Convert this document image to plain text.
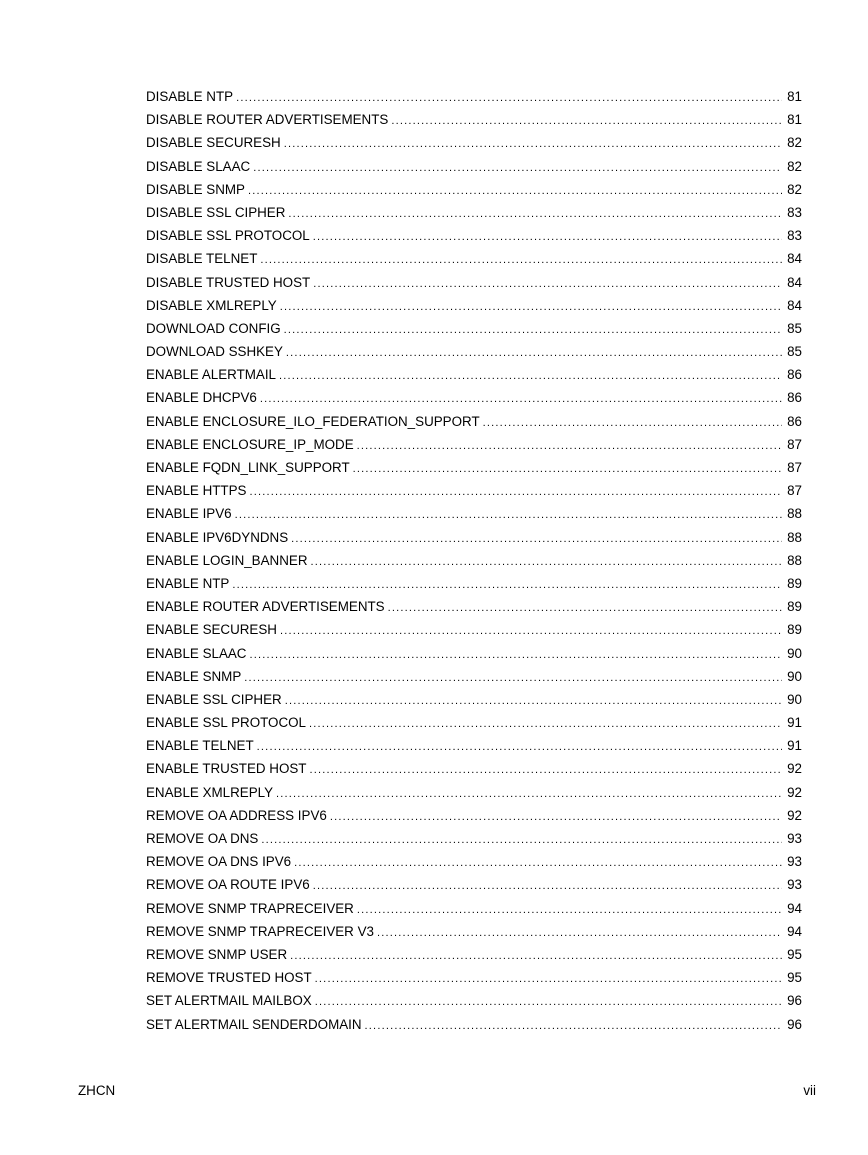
DISABLE NTP .....	81
DISABLE ROUTER ADVERTISEMENTS .....	81
DISABLE SECURESH .....	82
DISABLE SLAAC .....	82
DISABLE SNMP .....	82
DISABLE SSL CIPHER .....	83
DISABLE SSL PROTOCOL .....	83
DISABLE TELNET .....	84
DISABLE TRUSTED HOST .....	84
DISABLE XMLREPLY .....	84
DOWNLOAD CONFIG .....	85
DOWNLOAD SSHKEY .....	85
ENABLE ALERTMAIL .....	86
ENABLE DHCPV6 .....	86
ENABLE ENCLOSURE_ILO_FEDERATION_SUPPORT .....	86
ENABLE ENCLOSURE_IP_MODE .....	87
ENABLE FQDN_LINK_SUPPORT .....	87
ENABLE HTTPS .....	87
ENABLE IPV6 .....	88
ENABLE IPV6DYNDNS .....	88
ENABLE LOGIN_BANNER .....	88
ENABLE NTP .....	89
ENABLE ROUTER ADVERTISEMENTS .....	89
ENABLE SECURESH .....	89
ENABLE SLAAC .....	90
ENABLE SNMP .....	90
ENABLE SSL CIPHER .....	90
ENABLE SSL PROTOCOL .....	91
ENABLE TELNET .....	91
ENABLE TRUSTED HOST .....	92
ENABLE XMLREPLY .....	92
REMOVE OA ADDRESS IPV6 .....	92
REMOVE OA DNS .....	93
REMOVE OA DNS IPV6 .....	93
REMOVE OA ROUTE IPV6 .....	93
REMOVE SNMP TRAPRECEIVER .....	94
REMOVE SNMP TRAPRECEIVER V3 .....	94
REMOVE SNMP USER .....	95
REMOVE TRUSTED HOST .....	95
SET ALERTMAIL MAILBOX .....	96
SET ALERTMAIL SENDERDOMAIN .....	96
ZHCN	vii
